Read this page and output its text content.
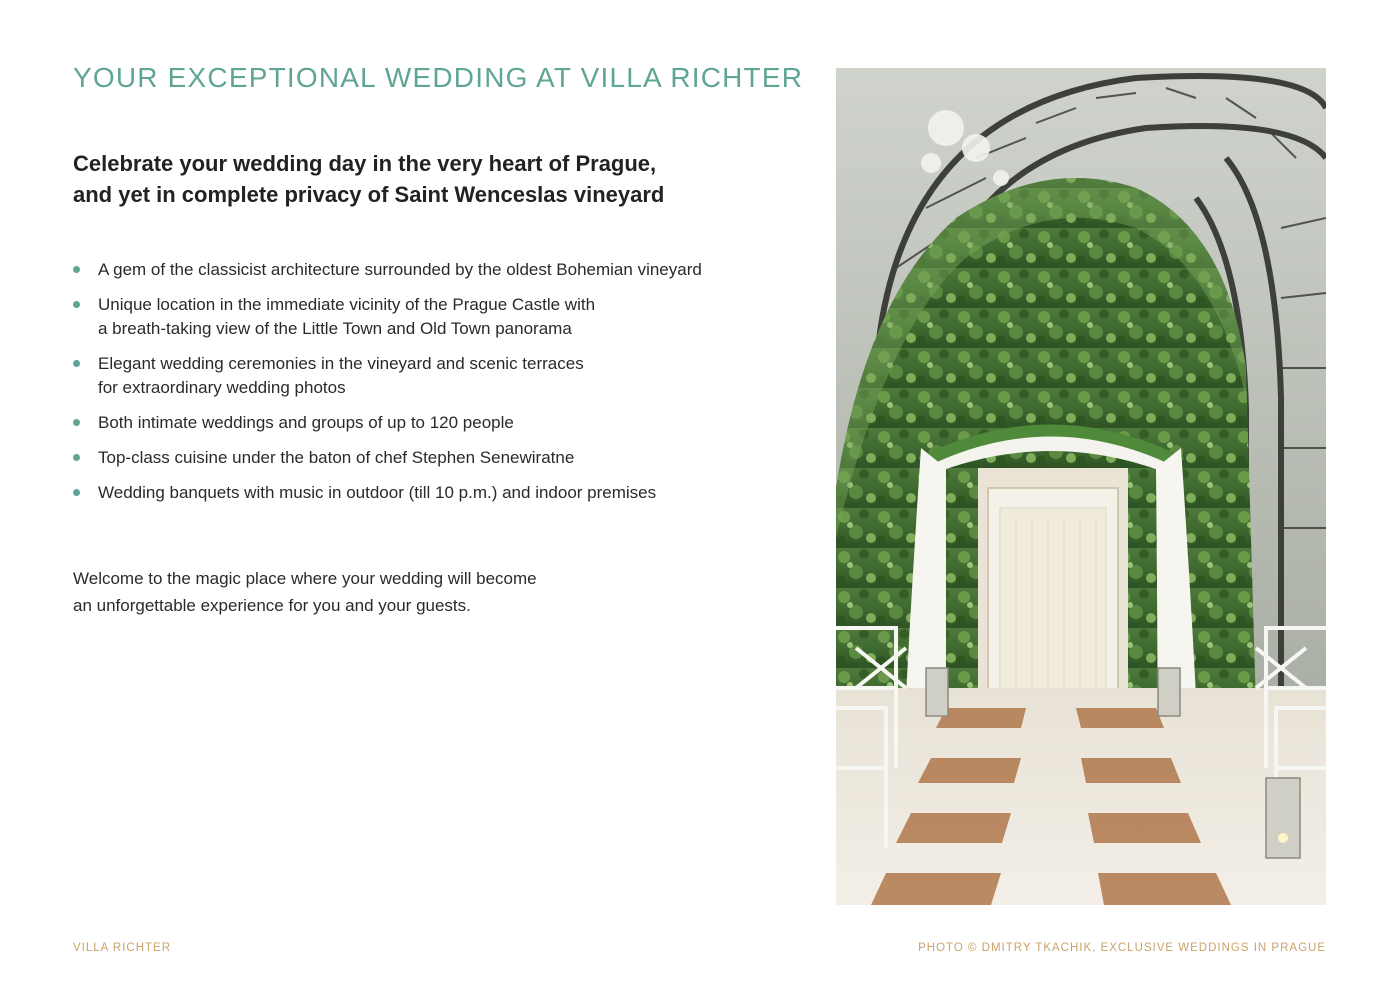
YOUR EXCEPTIONAL WEDDING AT VILLA RICHTER

Celebrate your wedding day in the very heart of Prague,
and yet in complete privacy of Saint Wenceslas vineyard

A gem of the classicist architecture surrounded by the oldest Bohemian vineyard
Unique location in the immediate vicinity of the Prague Castle with
a breath-taking view of the Little Town and Old Town panorama
Elegant wedding ceremonies in the vineyard and scenic terraces
for extraordinary wedding photos
Both intimate weddings and groups of up to 120 people
Top-class cuisine under the baton of chef Stephen Senewiratne
Wedding banquets with music in outdoor (till 10 p.m.) and indoor premises

Welcome to the magic place where your wedding will become
an unforgettable experience for you and your guests.

VILLA RICHTER	PHOTO © DMITRY TKACHIK, EXCLUSIVE WEDDINGS IN PRAGUE
